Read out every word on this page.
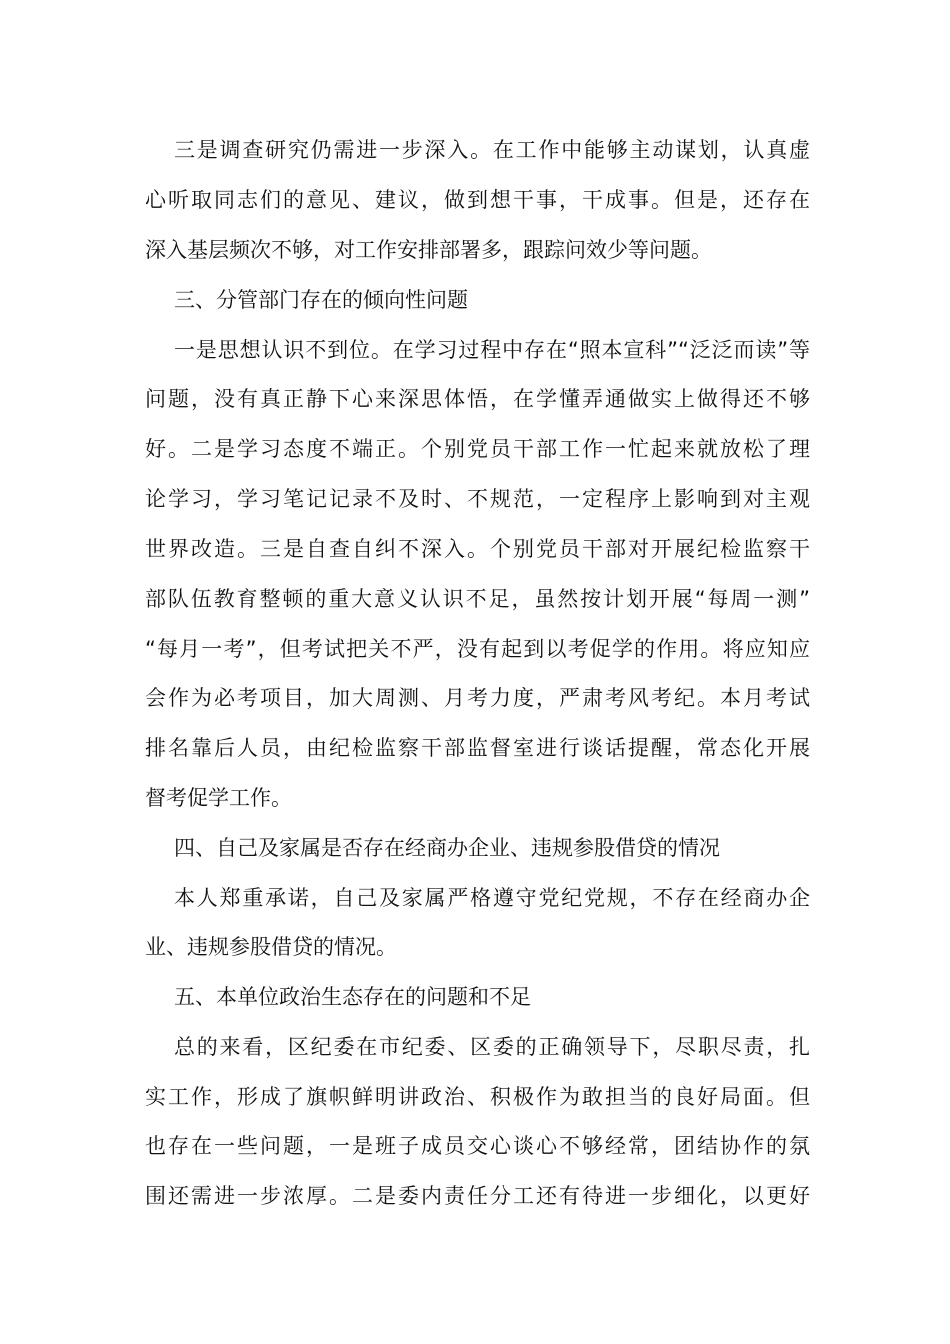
三是调查研究仍需进一步深入。在工作中能够主动谋划，认真虚
心听取同志们的意见、建议，做到想干事，干成事。但是，还存在
深入基层频次不够，对工作安排部署多，跟踪问效少等问题。
三、分管部门存在的倾向性问题
一是思想认识不到位。在学习过程中存在“照本宣科”“泛泛而读”等
问题，没有真正静下心来深思体悟，在学懂弄通做实上做得还不够
好。二是学习态度不端正。个别党员干部工作一忙起来就放松了理
论学习，学习笔记记录不及时、不规范，一定程序上影响到对主观
世界改造。三是自查自纠不深入。个别党员干部对开展纪检监察干
部队伍教育整顿的重大意义认识不足，虽然按计划开展“每周一测”
“每月一考”，但考试把关不严，没有起到以考促学的作用。将应知应
会作为必考项目，加大周测、月考力度，严肃考风考纪。本月考试
排名靠后人员，由纪检监察干部监督室进行谈话提醒，常态化开展
督考促学工作。
四、自己及家属是否存在经商办企业、违规参股借贷的情况
本人郑重承诺，自己及家属严格遵守党纪党规，不存在经商办企
业、违规参股借贷的情况。
五、本单位政治生态存在的问题和不足
总的来看，区纪委在市纪委、区委的正确领导下，尽职尽责，扎
实工作，形成了旗帜鲜明讲政治、积极作为敢担当的良好局面。但
也存在一些问题，一是班子成员交心谈心不够经常，团结协作的氛
围还需进一步浓厚。二是委内责任分工还有待进一步细化，以更好
